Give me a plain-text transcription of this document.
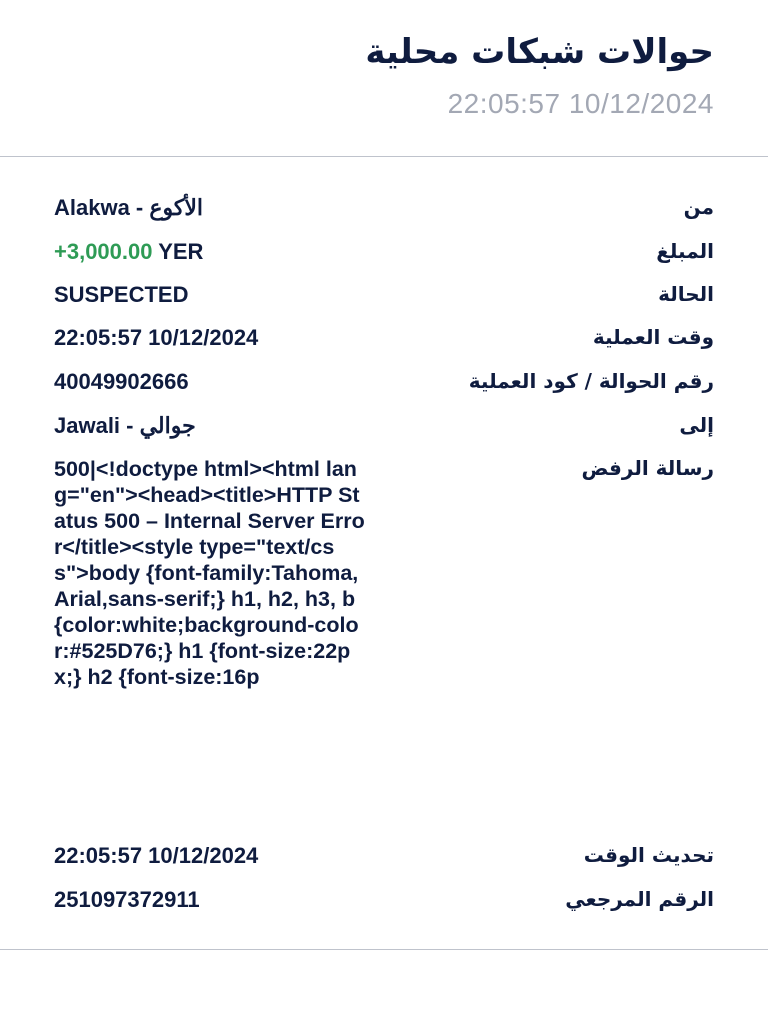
حوالات شبكات محلية
22:05:57 10/12/2024
من
Alakwa - الأكوع
المبلغ
+3,000.00 YER
الحالة
SUSPECTED
وقت العملية
22:05:57 10/12/2024
رقم الحوالة / كود العملية
40049902666
إلى
Jawali - جوالي
رسالة الرفض
500|<!doctype html><html lang="en"><head><title>HTTP Status 500 – Internal Server Error</title><style type="text/css">body {font-family:Tahoma,Arial,sans-serif;} h1, h2, h3, b {color:white;background-color:#525D76;} h1 {font-size:22px;} h2 {font-size:16p
تحديث الوقت
22:05:57 10/12/2024
الرقم المرجعي
251097372911
